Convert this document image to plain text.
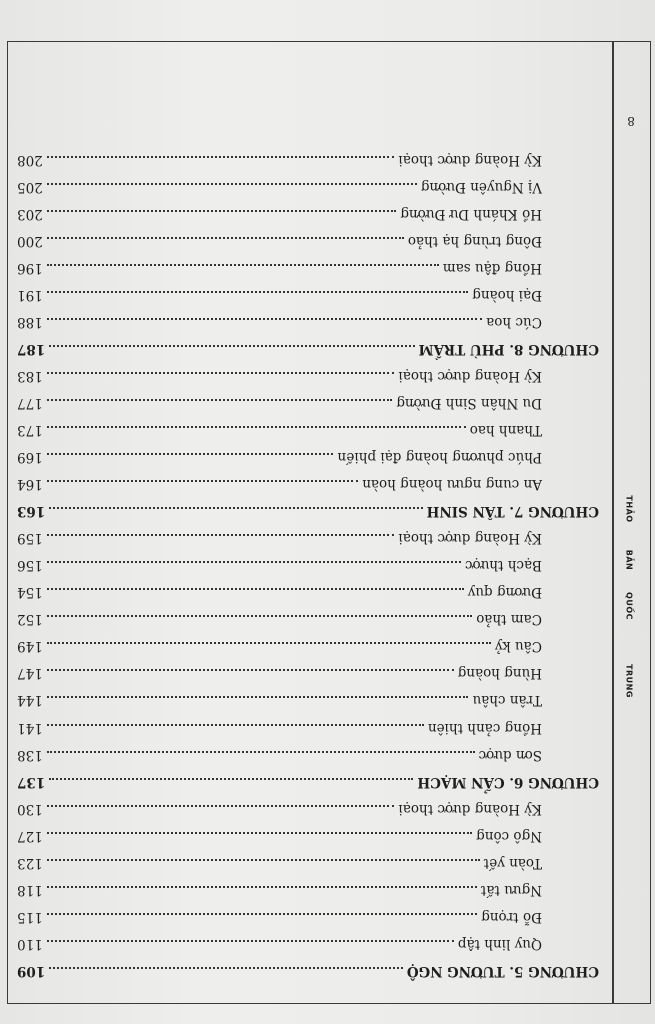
8
TRUNG
QUỐC
BẢN
THẢO
CHƯƠNG 5. TƯƠNG NGỘ
109
Quy linh tập
110
Đỗ trọng
115
Ngưu tất
118
Toàn yết
123
Ngô công
127
Kỳ Hoàng dược thoại
130
CHƯƠNG 6. CẨN MẠCH
137
Sơn dược
138
Hồng cảnh thiên
141
Trân châu
144
Hùng hoàng
147
Câu kỷ
149
Cam thảo
152
Đương quy
154
Bạch thược
156
Kỳ Hoàng dược thoại
159
CHƯƠNG 7. TÂN SINH
163
An cung ngưu hoàng hoàn
164
Phúc phương hoàng đại phiến
169
Thanh hao
173
Du Nhân Sinh Đường
177
Kỳ Hoàng dược thoại
183
CHƯƠNG 8. PHÙ TRẦM
187
Cúc hoa
188
Đại hoàng
191
Hồng đậu sam
196
Đông trùng hạ thảo
200
Hồ Khánh Dư Đường
203
Vị Nguyên Đường
205
Kỳ Hoàng dược thoại
208
